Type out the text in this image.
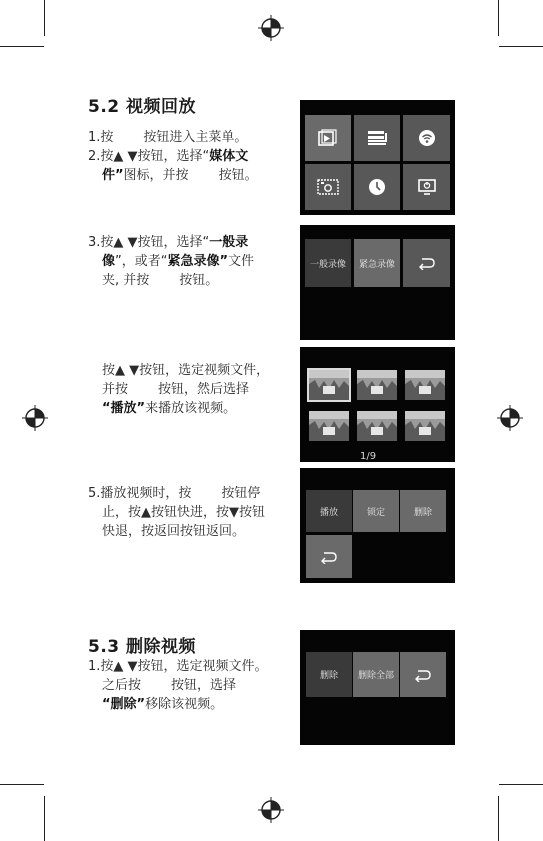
5.2 视频回放
1.按 按钮进入主菜单。
2.按▲ ▼按钮，选择“媒体文
件”图标，并按 按钮。
3.按▲ ▼按钮，选择“一般录
像”，或者“紧急录像”文件
夹, 并按 按钮。
按▲ ▼按钮，选定视频文件，
并按 按钮，然后选择
“播放”来播放该视频。
5.播放视频时，按 按钮停
止，按▲按钮快进，按▼按钮
快退，按返回按钮返回。
5.3 删除视频
1.按▲ ▼按钮，选定视频文件。
之后按 按钮，选择
“删除”移除该视频。
一般录像	紧急录像
1/9
播放	锁定	删除
删除	删除全部
